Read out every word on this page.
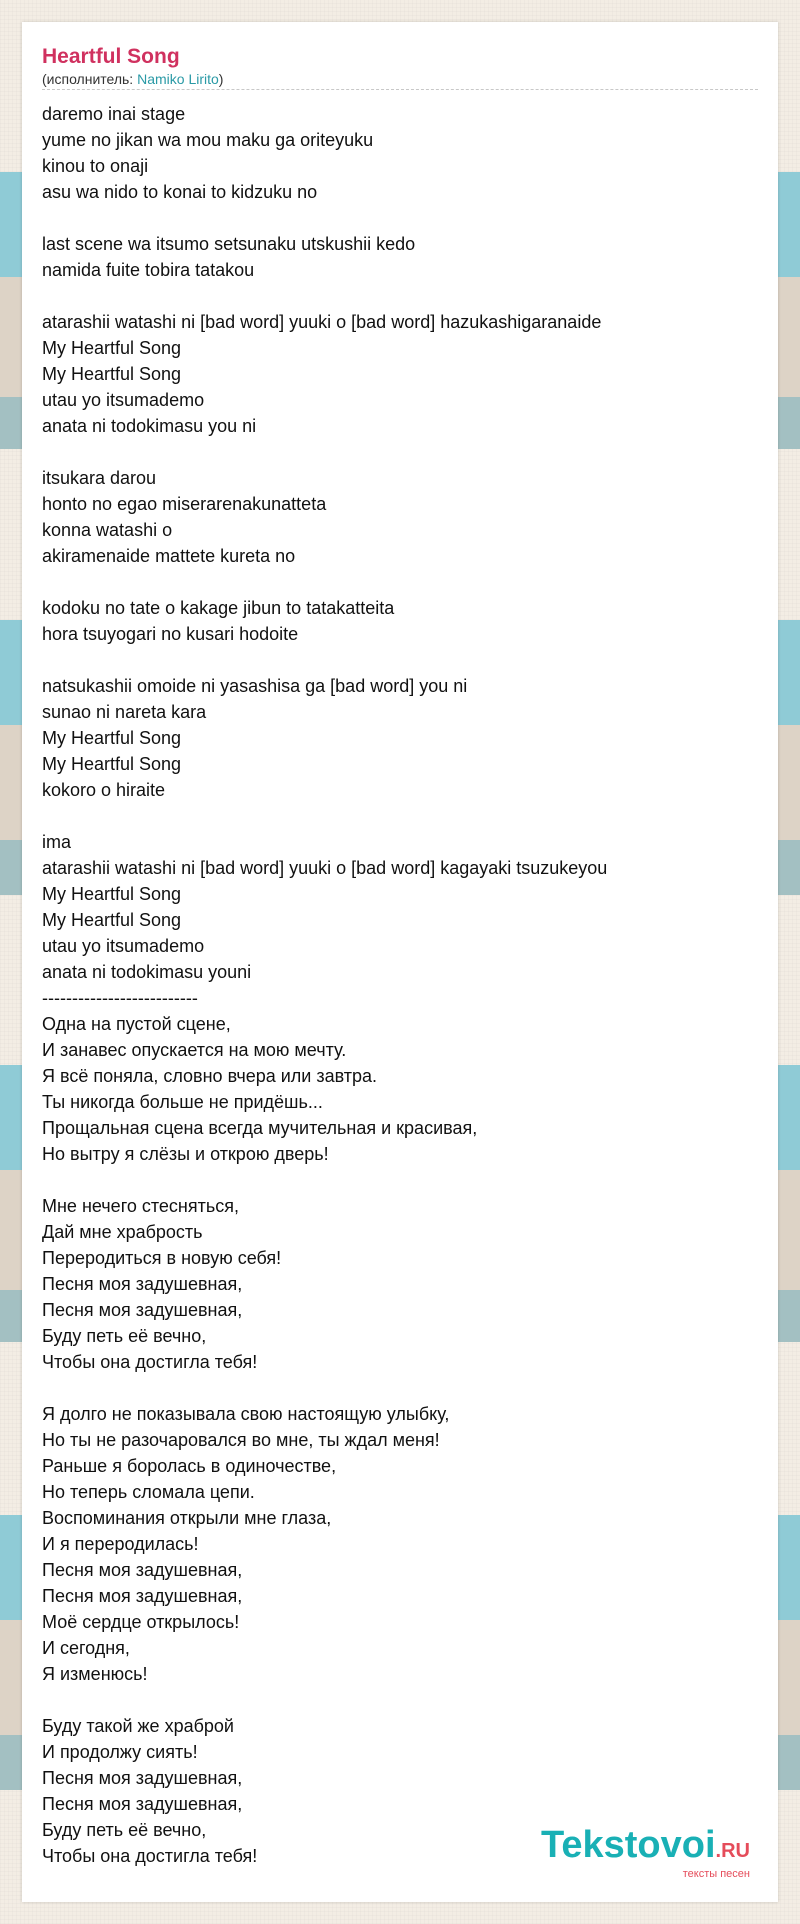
Heartful Song
(исполнитель: Namiko Lirito)
daremo inai stage
yume no jikan wa mou maku ga oriteyuku
kinou to onaji
asu wa nido to konai to kidzuku no
last scene wa itsumo setsunaku utskushii kedo
namida fuite tobira tatakou
atarashii watashi ni [bad word] yuuki o [bad word] hazukashigaranaide
My Heartful Song
My Heartful Song
utau yo itsumademo
anata ni todokimasu you ni
itsukara darou
honto no egao miserarenakunatteta
konna watashi o
akiramenaide mattete kureta no
kodoku no tate o kakage jibun to tatakatteita
hora tsuyogari no kusari hodoite
natsukashii omoide ni yasashisa ga [bad word] you ni
sunao ni nareta kara
My Heartful Song
My Heartful Song
kokoro o hiraite
ima
atarashii watashi ni [bad word] yuuki o [bad word] kagayaki tsuzukeyou
My Heartful Song
My Heartful Song
utau yo itsumademo
anata ni todokimasu youni
--------------------------
Одна на пустой сцене,
И занавес опускается на мою мечту.
Я всё поняла, словно вчера или завтра.
Ты никогда больше не придёшь...
Прощальная сцена всегда мучительная и красивая,
Но вытру я слёзы и открою дверь!
Мне нечего стесняться,
Дай мне храбрость
Переродиться в новую себя!
Песня моя задушевная,
Песня моя задушевная,
Буду петь её вечно,
Чтобы она достигла тебя!
Я долго не показывала свою настоящую улыбку,
Но ты не разочаровался во мне, ты ждал меня!
Раньше я боролась в одиночестве,
Но теперь сломала цепи.
Воспоминания открыли мне глаза,
И я переродилась!
Песня моя задушевная,
Песня моя задушевная,
Моё сердце открылось!
И сегодня,
Я изменюсь!
Буду такой же храброй
И продолжу сиять!
Песня моя задушевная,
Песня моя задушевная,
Буду петь её вечно,
Чтобы она достигла тебя!	Tekstovoi.RU
тексты песен
